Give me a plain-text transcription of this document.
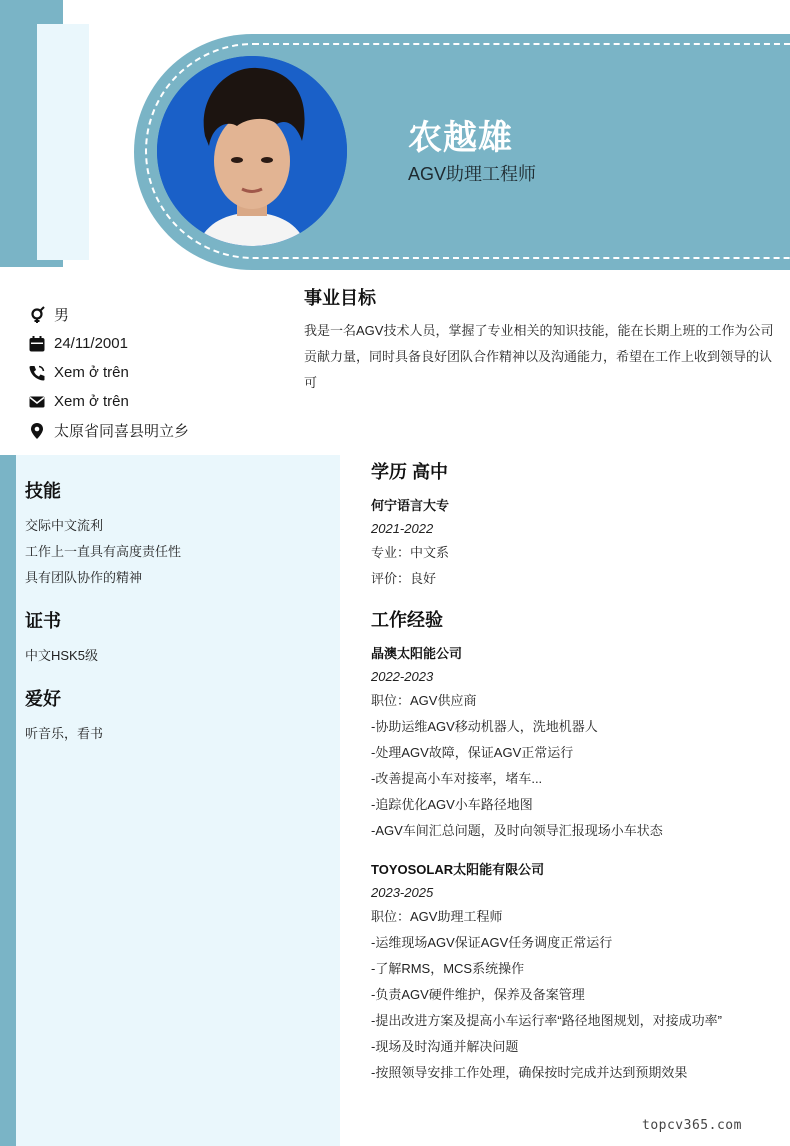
农越雄
AGV助理工程师
男
24/11/2001
Xem ở trên
Xem ở trên
太原省同喜县明立乡
事业目标

我是一名AGV技术人员，掌握了专业相关的知识技能，能在长期上班的工作为公司贡献力量，同时具备良好团队合作精神以及沟通能力，希望在工作上收到领导的认可

技能
交际中文流利
工作上一直具有高度责任性
具有团队协作的精神
证书
中文HSK5级
爱好
听音乐，看书
学历 高中
何宁语言大专
2021-2022
专业：中文系
评价：良好
工作经验
晶澳太阳能公司
2022-2023
职位：AGV供应商
-协助运维AGV移动机器人，洗地机器人
-处理AGV故障，保证AGV正常运行
-改善提高小车对接率，堵车...
-追踪优化AGV小车路径地图
-AGV车间汇总问题，及时向领导汇报现场小车状态
TOYOSOLAR太阳能有限公司
2023-2025
职位：AGV助理工程师
-运维现场AGV保证AGV任务调度正常运行
-了解RMS，MCS系统操作
-负责AGV硬件维护，保养及备案管理
-提出改进方案及提高小车运行率“路径地图规划，对接成功率”
-现场及时沟通并解决问题
-按照领导安排工作处理，确保按时完成并达到预期效果
topcv365.com
